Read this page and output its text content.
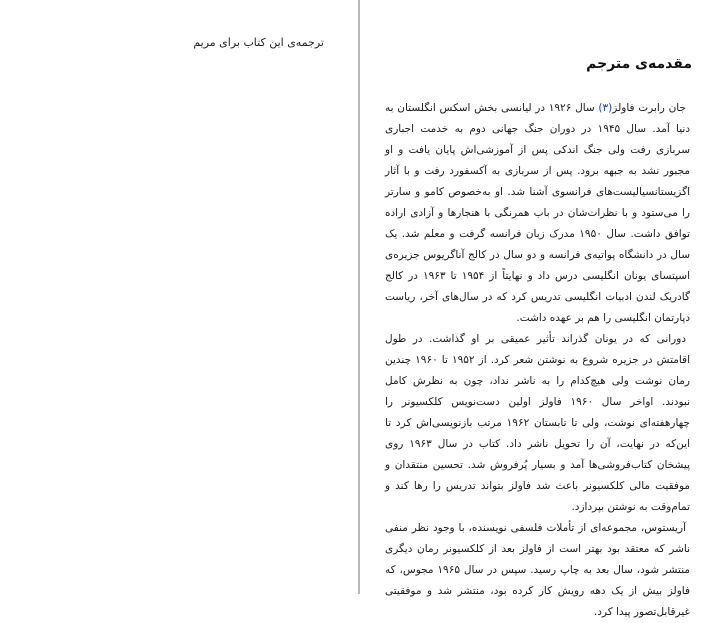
ترجمه‌ی این کتاب برای مریم
مقدمه‌ی مترجم

جان رابرت فاولز(۳) سال ۱۹۲۶ در لیانسی بخش اسکس انگلستان به دنیا آمد. سال ۱۹۴۵ در دوران جنگ جهانی دوم به خدمت اجباری سربازی رفت ولی جنگ اندکی پس از آموزشی‌اش پایان یافت و او مجبور نشد به جبهه برود. پس از سربازی به آکسفورد رفت و با آثار اگزیستانسیالیست‌های فرانسوی آشنا شد. او به‌خصوص کامو و سارتر را می‌ستود و با نظرات‌شان در باب همرنگی با هنجارها و آزادی اراده توافق داشت. سال ۱۹۵۰ مدرک زبان فرانسه گرفت و معلم شد. یک سال در دانشگاه پواتیه‌ی فرانسه و دو سال در کالج آناگریوس جزیره‌ی اسپتسای یونان انگلیسی درس داد و نهایتاً از ۱۹۵۴ تا ۱۹۶۳ در کالج گادریک لندن ادبیات انگلیسی تدریس کرد که در سال‌های آخر، ریاست دپارتمان انگلیسی را هم بر عهده داشت.

دورانی که در یونان گذراند تأثیر عمیقی بر او گذاشت. در طول اقامتش در جزیره شروع به نوشتن شعر کرد. از ۱۹۵۲ تا ۱۹۶۰ چندین رمان نوشت ولی هیچ‌کدام را به ناشر نداد، چون به نظرش کامل نبودند. اواخر سال ۱۹۶۰ فاولز اولین دست‌نویس کلکسیونر را چهارهفته‌ای نوشت، ولی تا تابستان ۱۹۶۲ مرتب بازنویسی‌اش کرد تا این‌که در نهایت، آن را تحویل ناشر داد. کتاب در سال ۱۹۶۳ روی پیشخان کتاب‌فروشی‌ها آمد و بسیار پُرفروش شد. تحسین منتقدان و موفقیت مالی کلکسیونر باعث شد فاولز بتواند تدریس را رها کند و تمام‌وقت به نوشتن بپردازد.

آریستوس، مجموعه‌ای از تأملات فلسفی نویسنده، با وجود نظر منفی ناشر که معتقد بود بهتر است از فاولز بعد از کلکسیونر رمان دیگری منتشر شود، سال بعد به چاپ رسید. سپس در سال ۱۹۶۵ مجوس، که فاولز بیش از یک دهه رویش کار کرده بود، منتشر شد و موفقیتی غیرقابل‌تصور پیدا کرد.
